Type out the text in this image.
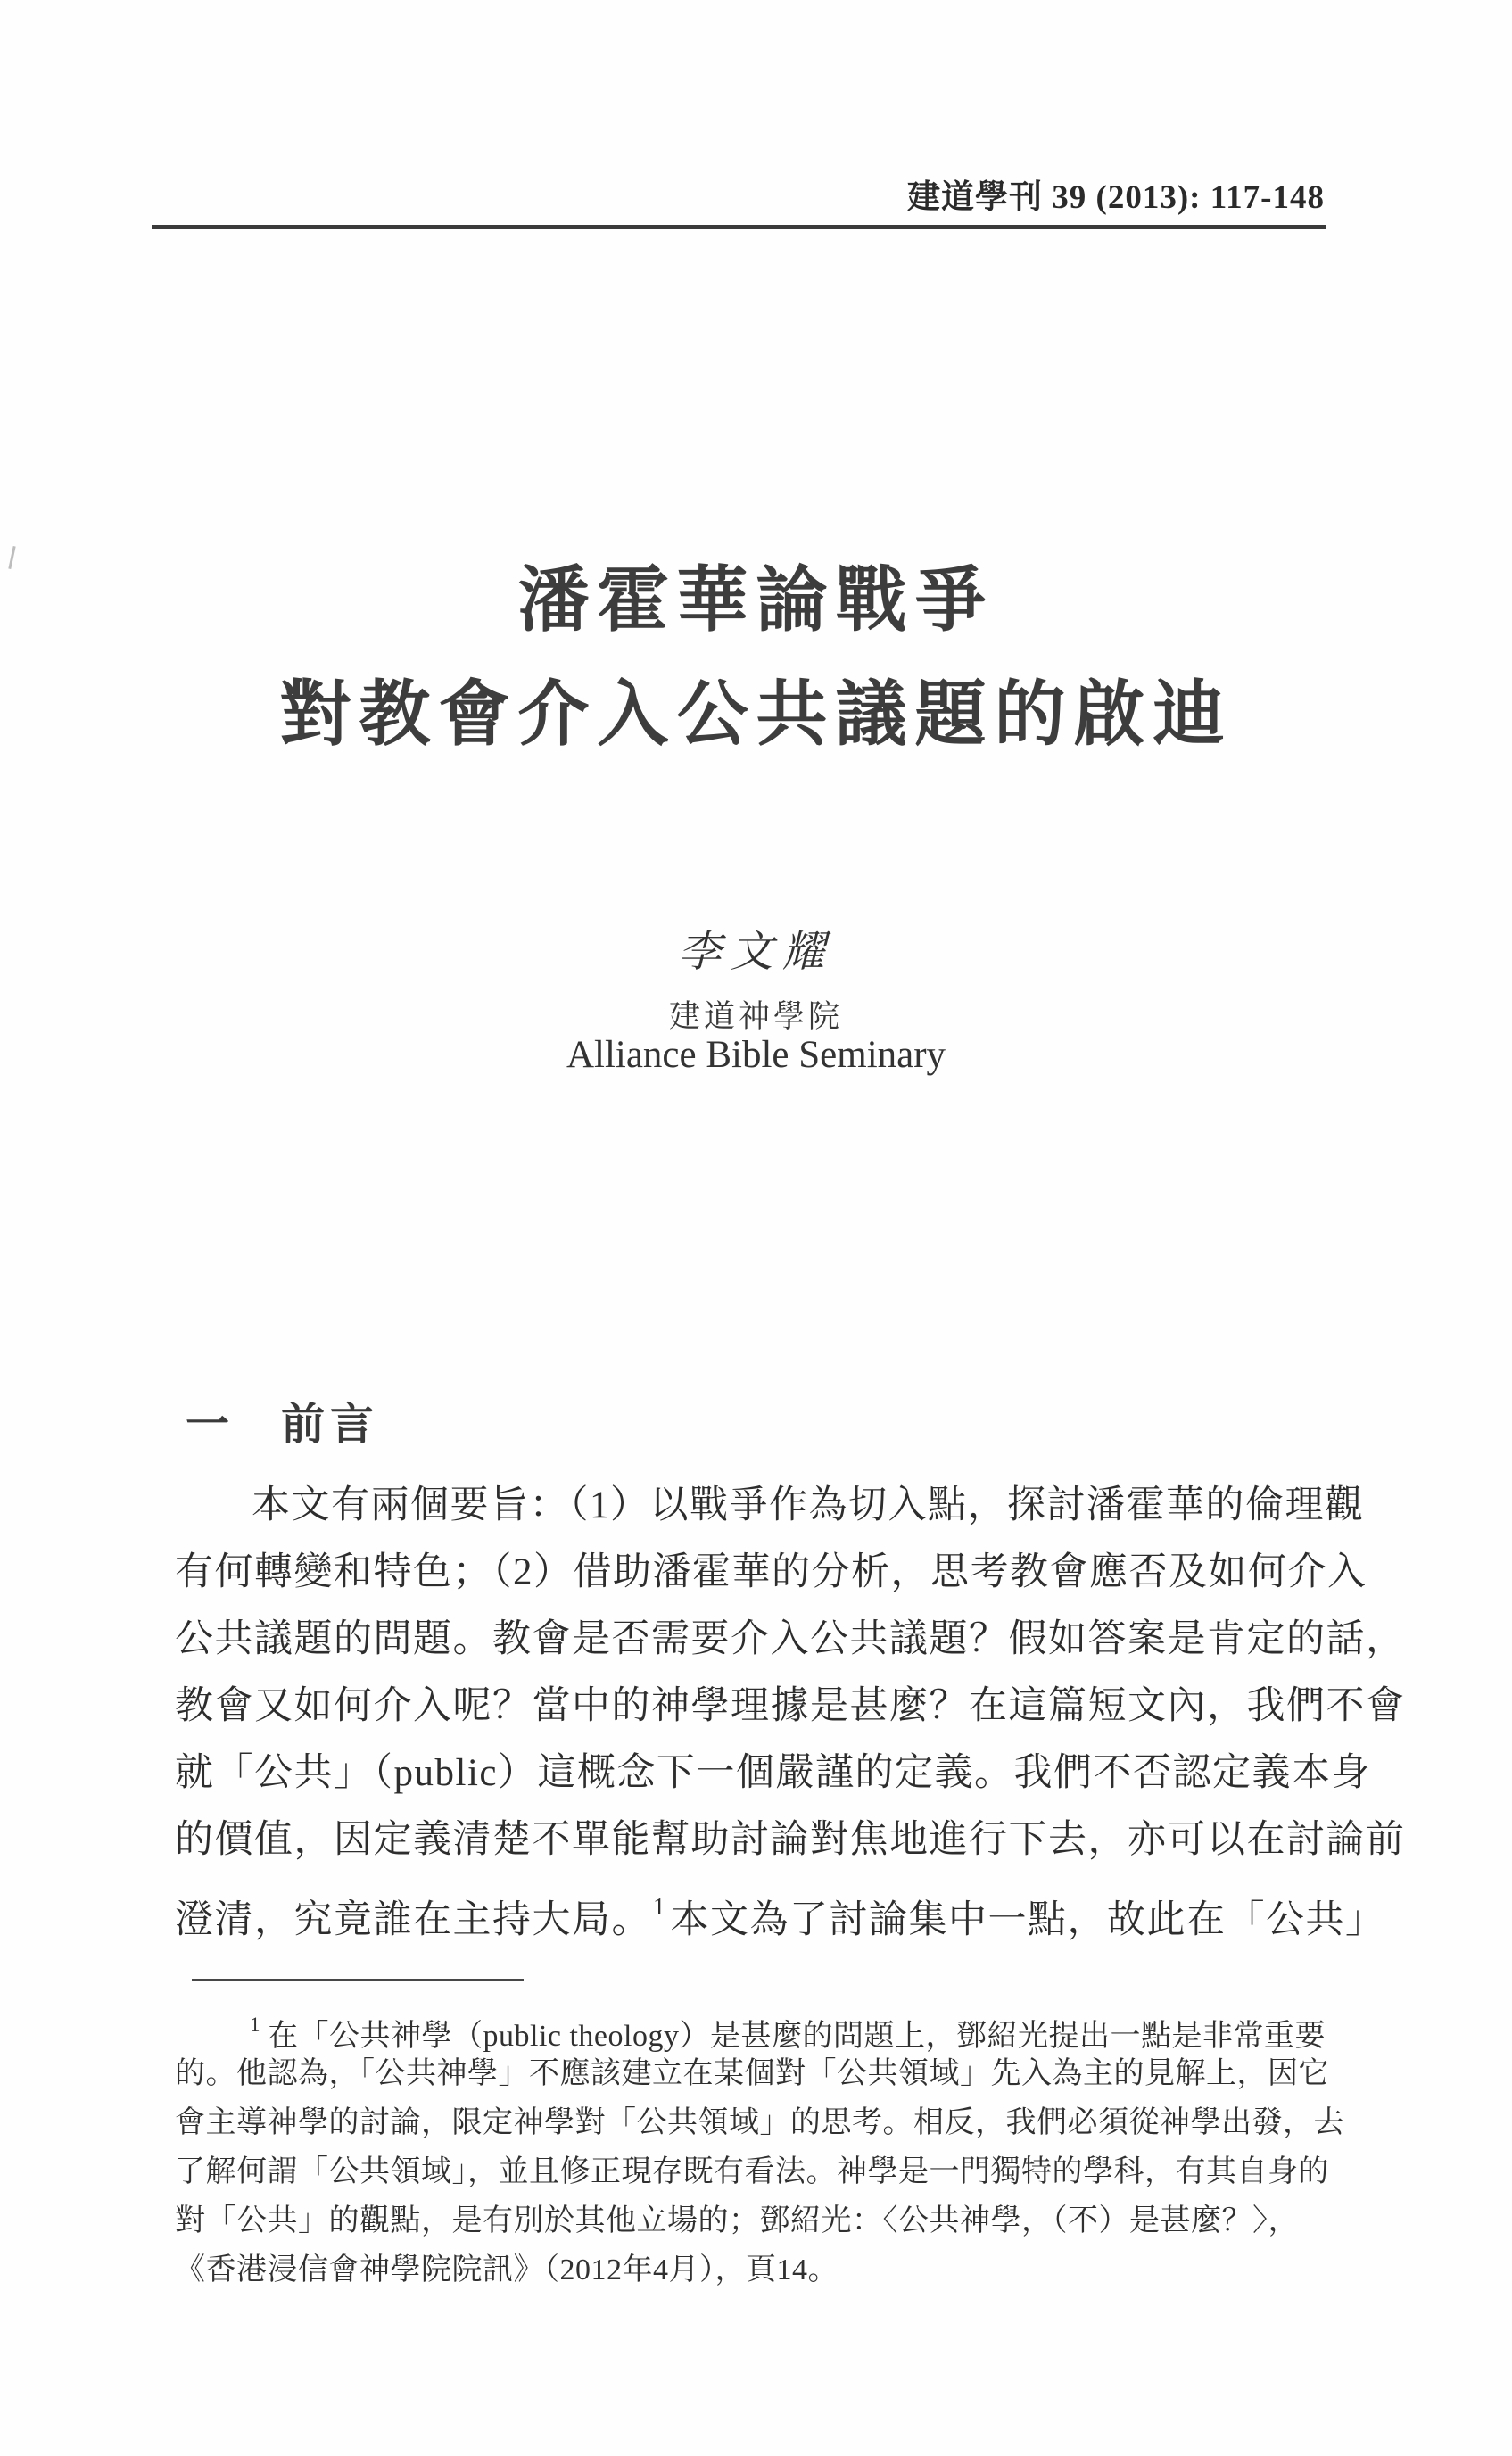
建道學刊 39 (2013): 117-148
潘霍華論戰爭
對教會介入公共議題的啟迪
李文耀
建道神學院
Alliance Bible Seminary
一 前言
本文有兩個要旨：（1）以戰爭作為切入點，探討潘霍華的倫理觀
有何轉變和特色；（2）借助潘霍華的分析，思考教會應否及如何介入
公共議題的問題。教會是否需要介入公共議題？假如答案是肯定的話，
教會又如何介入呢？當中的神學理據是甚麼？在這篇短文內，我們不會
就「公共」（public）這概念下一個嚴謹的定義。我們不否認定義本身
的價值，因定義清楚不單能幫助討論對焦地進行下去，亦可以在討論前
澄清，究竟誰在主持大局。$^1$ 本文為了討論集中一點，故此在「公共」
$^1$ 在「公共神學（public theology）是甚麼的問題上，鄧紹光提出一點是非常重要
的。他認為，「公共神學」不應該建立在某個對「公共領域」先入為主的見解上，因它
會主導神學的討論，限定神學對「公共領域」的思考。相反，我們必須從神學出發，去
了解何謂「公共領域」，並且修正現存既有看法。神學是一門獨特的學科，有其自身的
對「公共」的觀點，是有別於其他立場的；鄧紹光：〈公共神學，（不）是甚麼？〉，
《香港浸信會神學院院訊》（2012年4月），頁14。
